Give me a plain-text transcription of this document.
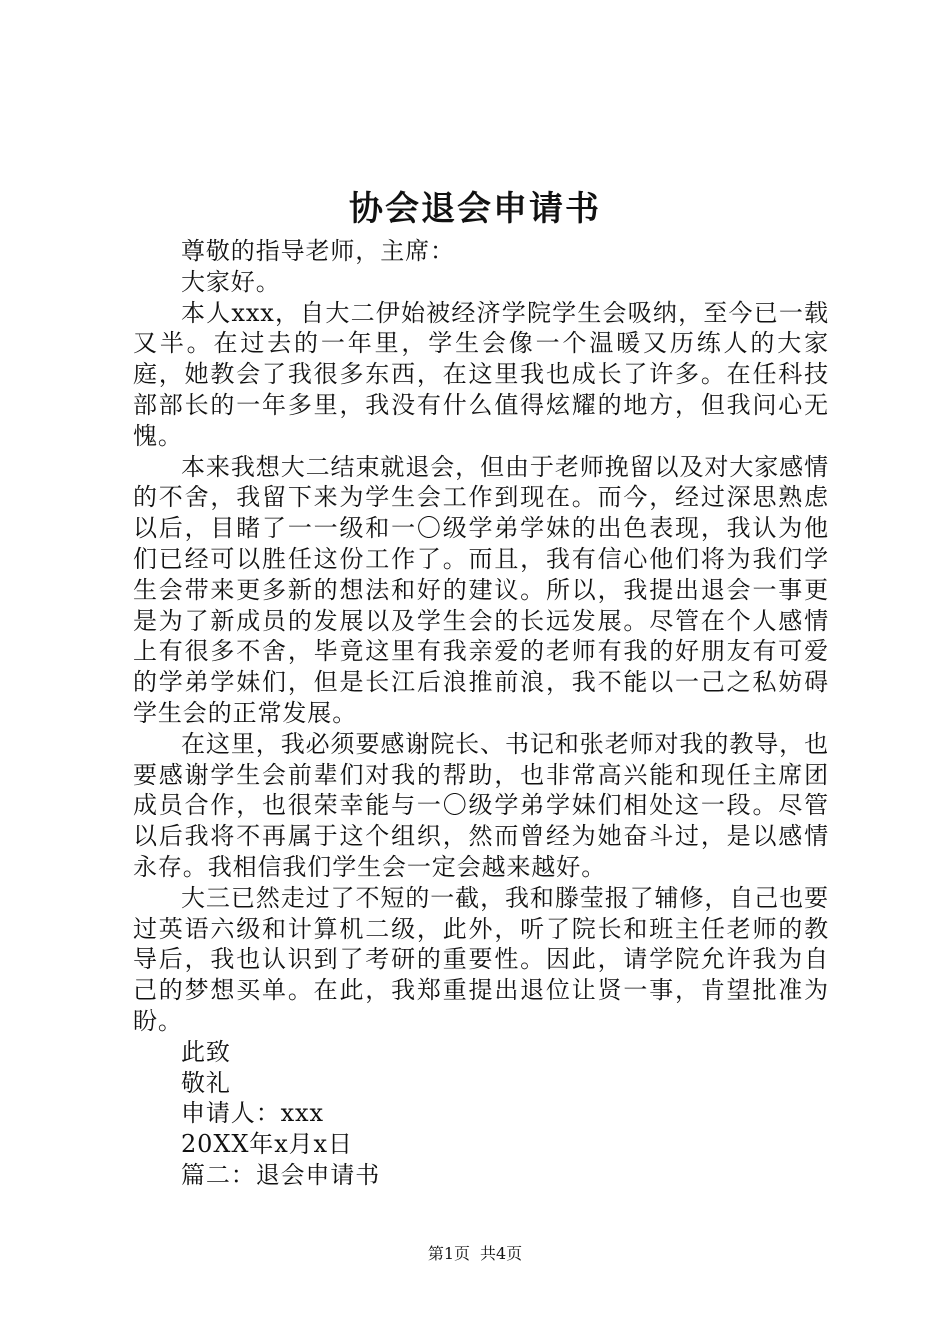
协会退会申请书

尊敬的指导老师，主席：

大家好。

本人xxx，自大二伊始被经济学院学生会吸纳，至今已一载又半。在过去的一年里，学生会像一个温暖又历练人的大家庭，她教会了我很多东西，在这里我也成长了许多。在任科技部部长的一年多里，我没有什么值得炫耀的地方，但我问心无愧。

本来我想大二结束就退会，但由于老师挽留以及对大家感情的不舍，我留下来为学生会工作到现在。而今，经过深思熟虑以后，目睹了一一级和一〇级学弟学妹的出色表现，我认为他们已经可以胜任这份工作了。而且，我有信心他们将为我们学生会带来更多新的想法和好的建议。所以，我提出退会一事更是为了新成员的发展以及学生会的长远发展。尽管在个人感情上有很多不舍，毕竟这里有我亲爱的老师有我的好朋友有可爱的学弟学妹们，但是长江后浪推前浪，我不能以一己之私妨碍学生会的正常发展。

在这里，我必须要感谢院长、书记和张老师对我的教导，也要感谢学生会前辈们对我的帮助，也非常高兴能和现任主席团成员合作，也很荣幸能与一〇级学弟学妹们相处这一段。尽管以后我将不再属于这个组织，然而曾经为她奋斗过，是以感情永存。我相信我们学生会一定会越来越好。

大三已然走过了不短的一截，我和滕莹报了辅修，自己也要过英语六级和计算机二级，此外，听了院长和班主任老师的教导后，我也认识到了考研的重要性。因此，请学院允许我为自己的梦想买单。在此，我郑重提出退位让贤一事，肯望批准为盼。

此致

敬礼

申请人：xxx

20XX年x月x日

篇二：退会申请书

第1页 共4页
